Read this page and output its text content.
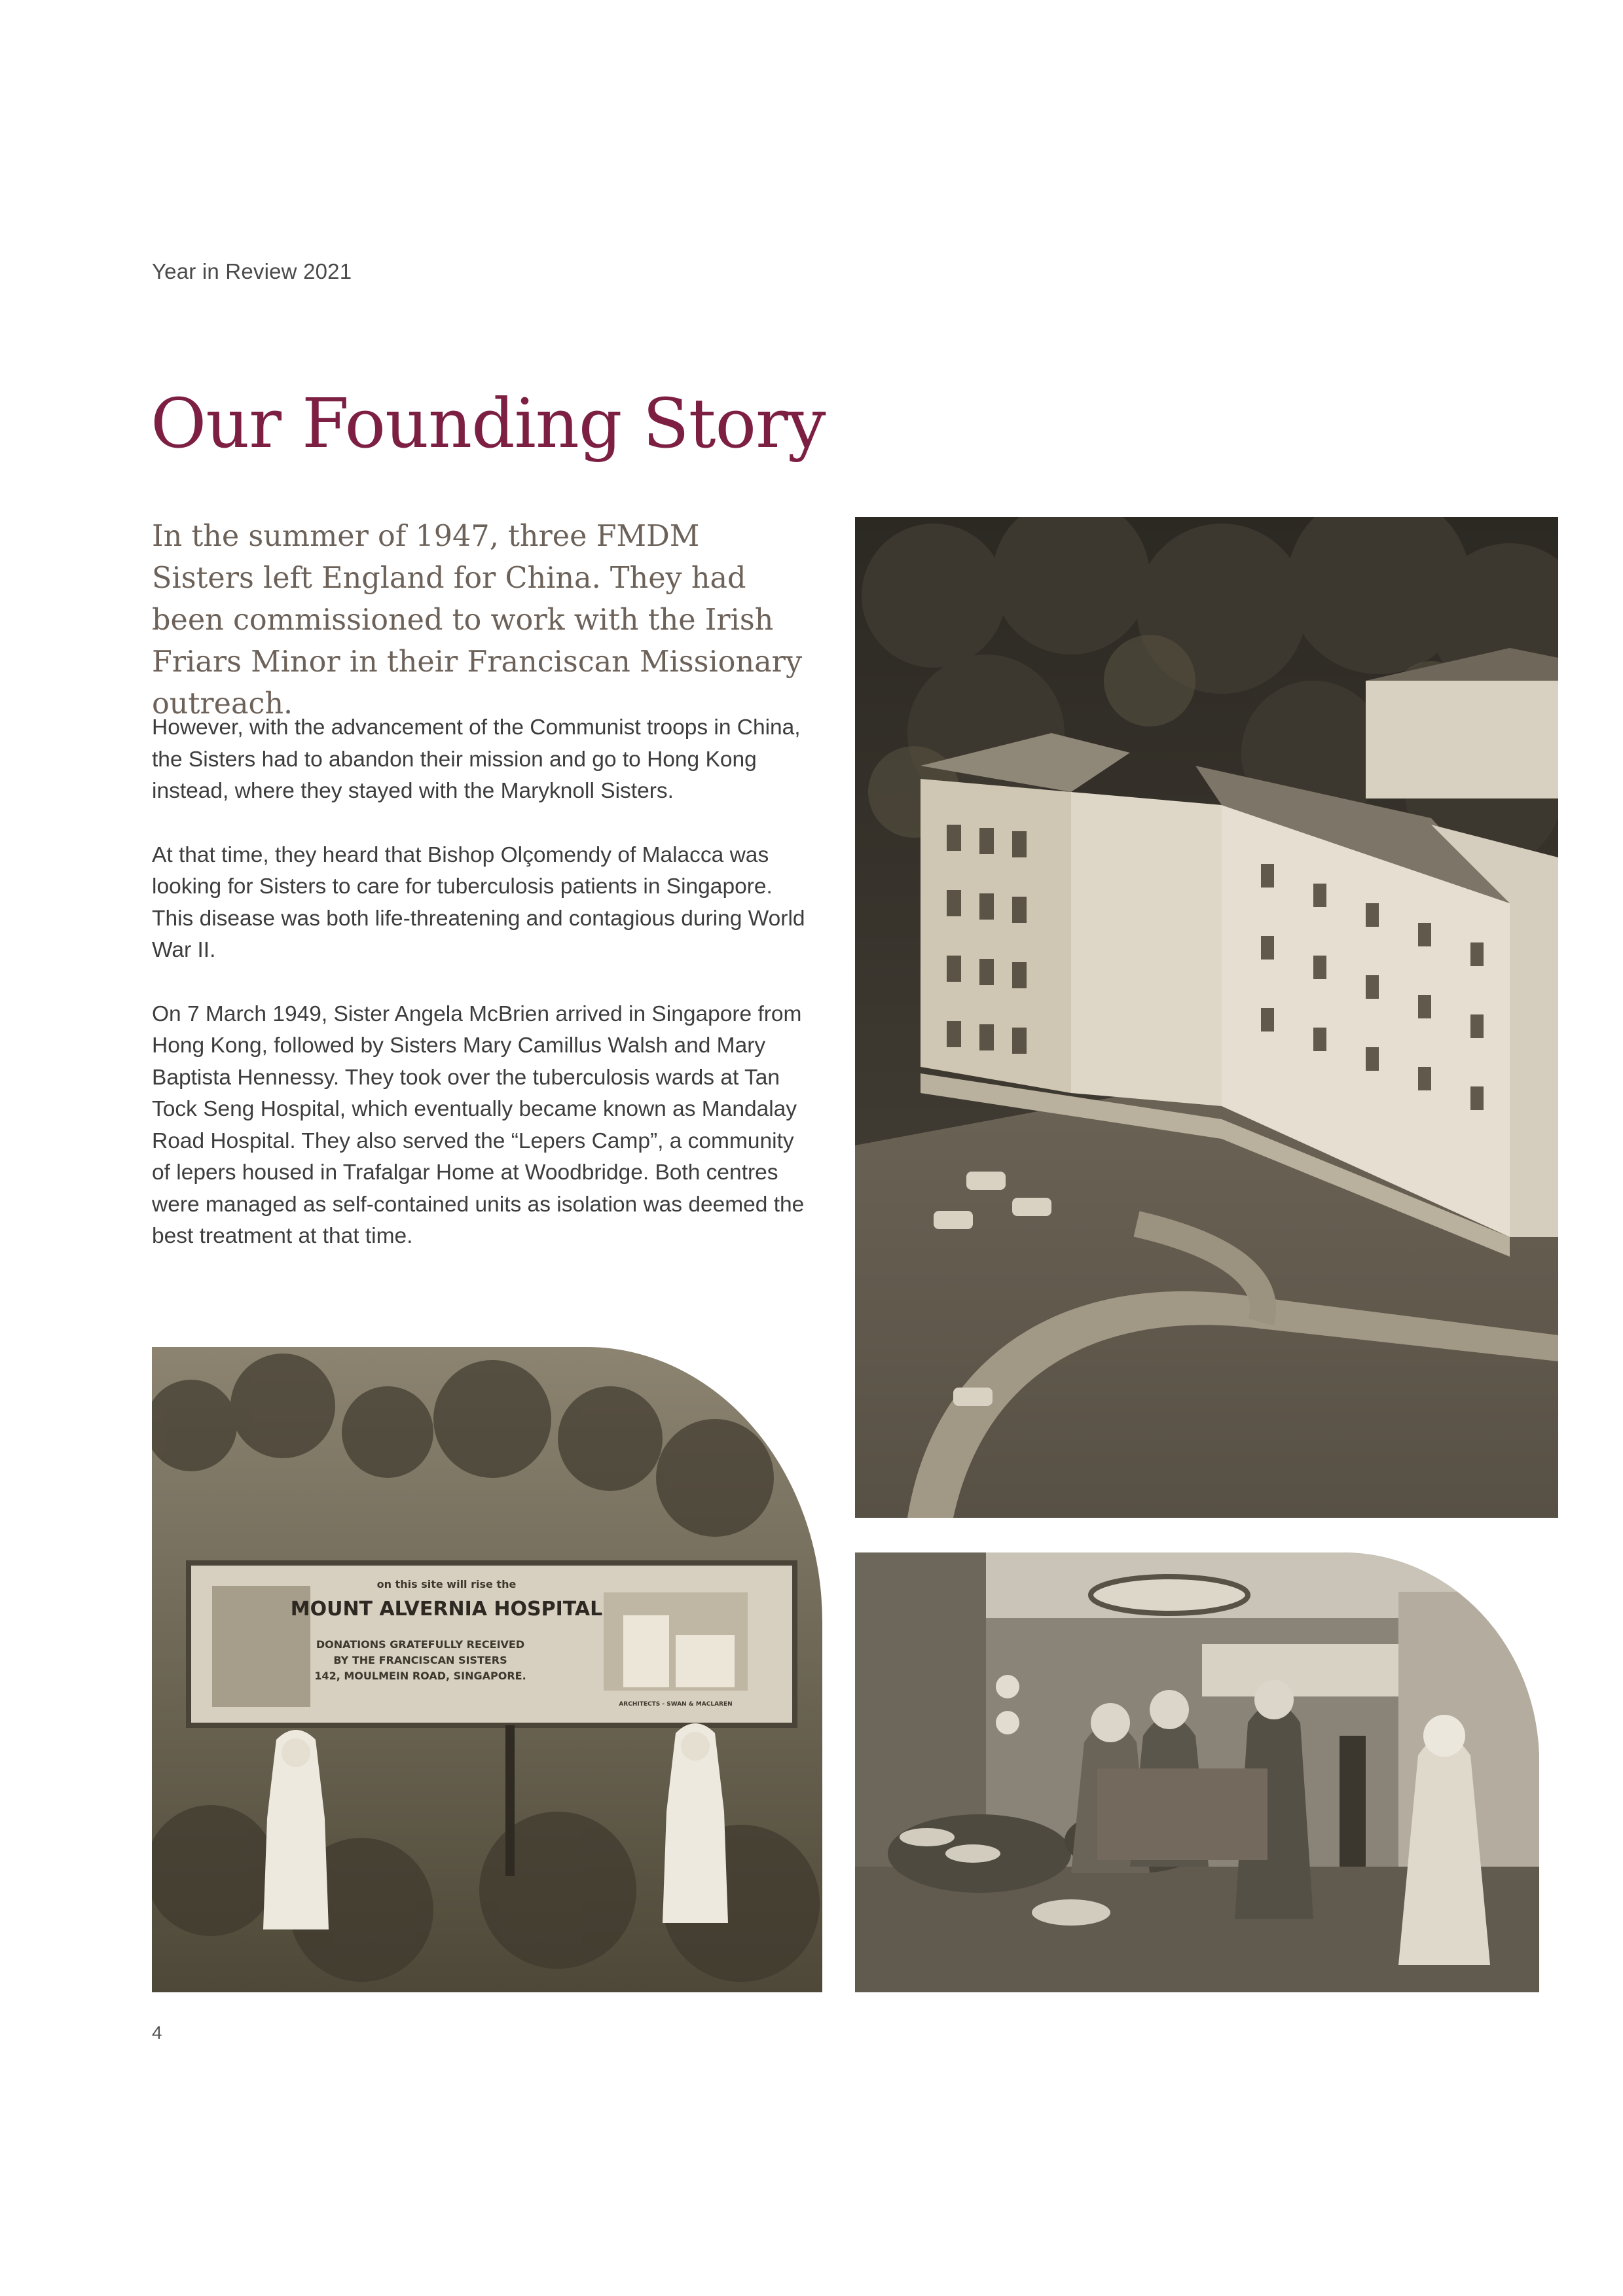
Year in Review 2021
Our Founding Story

In the summer of 1947, three FMDM Sisters left England for China. They had been commissioned to work with the Irish Friars Minor in their Franciscan Missionary outreach.

However, with the advancement of the Communist troops in China, the Sisters had to abandon their mission and go to Hong Kong instead, where they stayed with the Maryknoll Sisters.

At that time, they heard that Bishop Olçomendy of Malacca was looking for Sisters to care for tuberculosis patients in Singapore. This disease was both life-threatening and contagious during World War II.

On 7 March 1949, Sister Angela McBrien arrived in Singapore from Hong Kong, followed by Sisters Mary Camillus Walsh and Mary Baptista Hennessy. They took over the tuberculosis wards at Tan Tock Seng Hospital, which eventually became known as Mandalay Road Hospital. They also served the “Lepers Camp”, a community of lepers housed in Trafalgar Home at Woodbridge. Both centres were managed as self-contained units as isolation was deemed the best treatment at that time.

on this site will rise the
MOUNT ALVERNIA HOSPITAL
DONATIONS GRATEFULLY RECEIVED
BY THE FRANCISCAN SISTERS
142, MOULMEIN ROAD, SINGAPORE.
ARCHITECTS - SWAN & MACLAREN
4
